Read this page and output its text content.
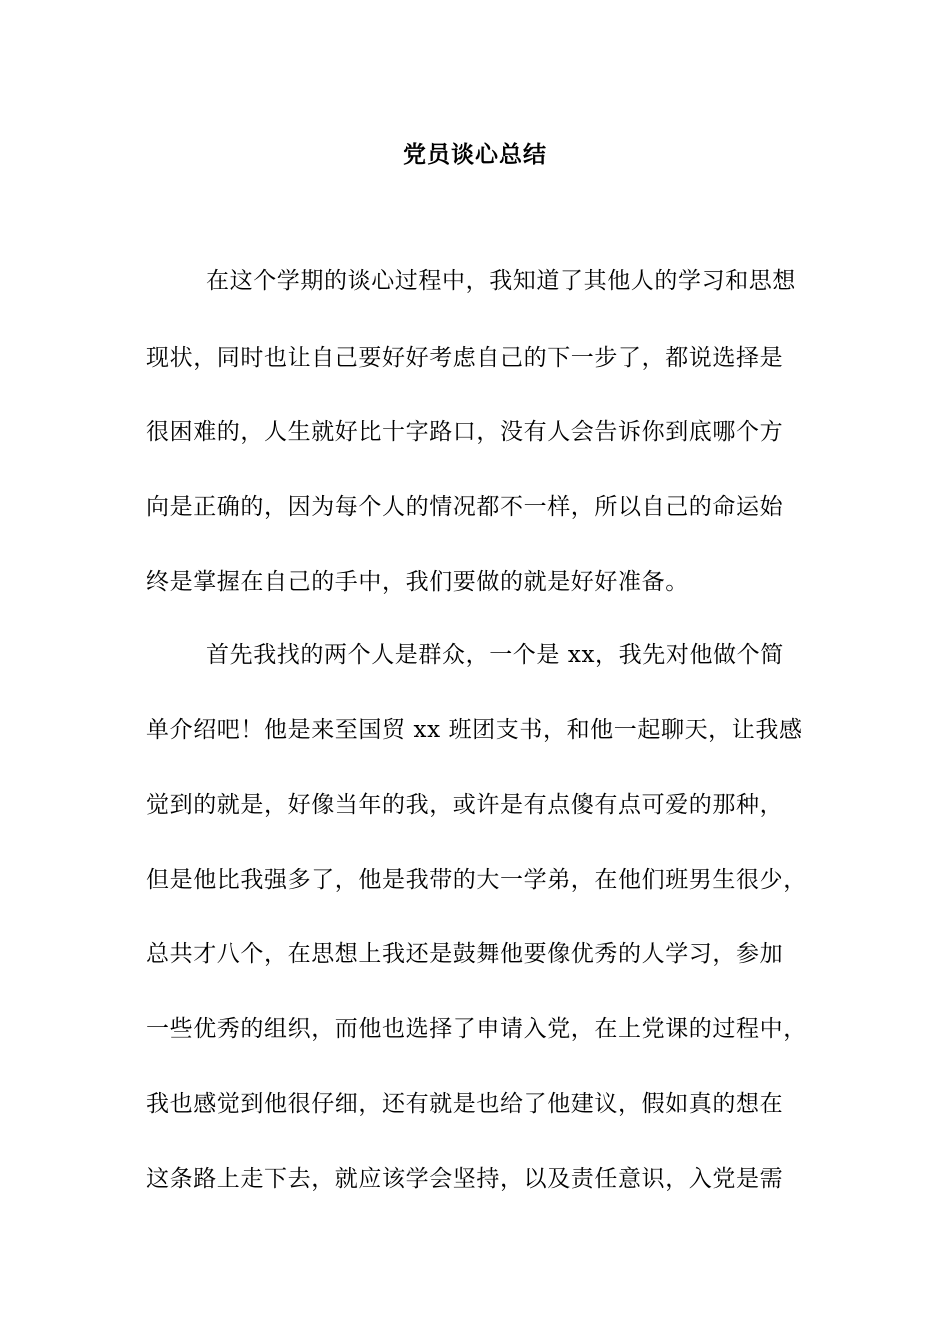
党员谈心总结
在这个学期的谈心过程中，我知道了其他人的学习和思想
现状，同时也让自己要好好考虑自己的下一步了，都说选择是
很困难的，人生就好比十字路口，没有人会告诉你到底哪个方
向是正确的，因为每个人的情况都不一样，所以自己的命运始
终是掌握在自己的手中，我们要做的就是好好准备。
首先我找的两个人是群众，一个是 xx，我先对他做个简
单介绍吧！他是来至国贸 xx 班团支书，和他一起聊天，让我感
觉到的就是，好像当年的我，或许是有点傻有点可爱的那种，
但是他比我强多了，他是我带的大一学弟，在他们班男生很少，
总共才八个，在思想上我还是鼓舞他要像优秀的人学习，参加
一些优秀的组织，而他也选择了申请入党，在上党课的过程中，
我也感觉到他很仔细，还有就是也给了他建议，假如真的想在
这条路上走下去，就应该学会坚持，以及责任意识，入党是需
